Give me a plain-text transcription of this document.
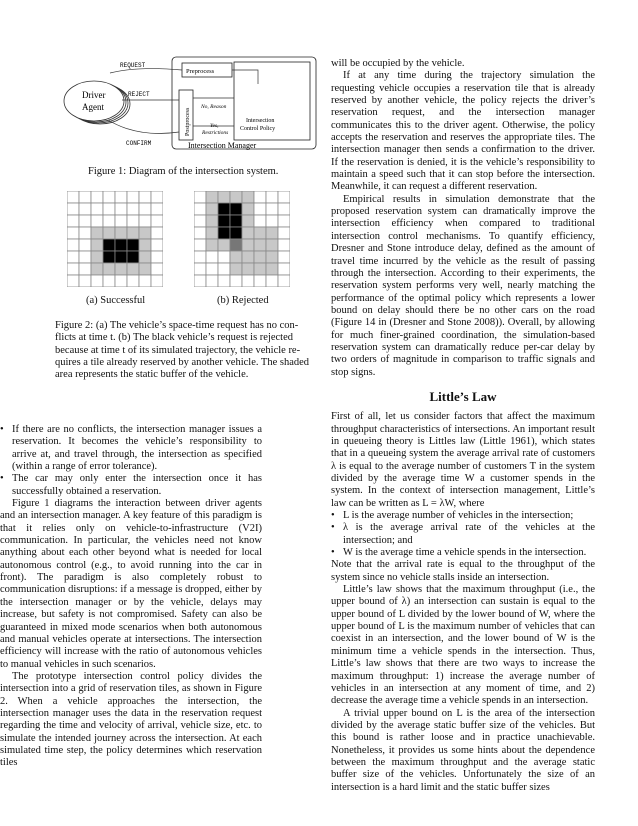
REQUEST
REJECT
CONFIRM
Preprocess
Postprocess
Driver
Agent	No, Reason
Yes,
Restrictions
Intersection
Control Policy
Intersection Manager
Figure 1: Diagram of the intersection system.
(a) Successful	(b) Rejected
Figure 2: (a) The vehicle’s space-time request has no con-
flicts at time t. (b) The black vehicle’s request is rejected
because at time t of its simulated trajectory, the vehicle re-
quires a tile already reserved by another vehicle. The shaded
area represents the static buffer of the vehicle.
• If there are no conflicts, the intersection manager issues a reservation. It becomes the vehicle’s responsibility to arrive at, and travel through, the intersection as specified (within a range of error tolerance).
• The car may only enter the intersection once it has successfully obtained a reservation.

Figure 1 diagrams the interaction between driver agents and an intersection manager. A key feature of this paradigm is that it relies only on vehicle-to-infrastructure (V2I) communication. In particular, the vehicles need not know anything about each other beyond what is needed for local autonomous control (e.g., to avoid running into the car in front). The paradigm is also completely robust to communication disruptions: if a message is dropped, either by the intersection manager or by the vehicle, delays may increase, but safety is not compromised. Safety can also be guaranteed in mixed mode scenarios when both autonomous and manual vehicles operate at intersections. The intersection efficiency will increase with the ratio of autonomous vehicles to manual vehicles in such scenarios.

The prototype intersection control policy divides the intersection into a grid of reservation tiles, as shown in Figure 2. When a vehicle approaches the intersection, the intersection manager uses the data in the reservation request regarding the time and velocity of arrival, vehicle size, etc. to simulate the intended journey across the intersection. At each simulated time step, the policy determines which reservation tiles

will be occupied by the vehicle.

If at any time during the trajectory simulation the requesting vehicle occupies a reservation tile that is already reserved by another vehicle, the policy rejects the driver’s reservation request, and the intersection manager communicates this to the driver agent. Otherwise, the policy accepts the reservation and reserves the appropriate tiles. The intersection manager then sends a confirmation to the driver. If the reservation is denied, it is the vehicle’s responsibility to maintain a speed such that it can stop before the intersection. Meanwhile, it can request a different reservation.

Empirical results in simulation demonstrate that the proposed reservation system can dramatically improve the intersection efficiency when compared to traditional intersection control mechanisms. To quantify efficiency, Dresner and Stone introduce delay, defined as the amount of travel time incurred by the vehicle as the result of passing through the intersection. According to their experiments, the reservation system performs very well, nearly matching the performance of the optimal policy which represents a lower bound on delay should there be no other cars on the road (Figure 14 in (Dresner and Stone 2008)). Overall, by allowing for much finer-grained coordination, the simulation-based reservation system can dramatically reduce per-car delay by two orders of magnitude in comparison to traffic signals and stop signs.

Little’s Law

First of all, let us consider factors that affect the maximum throughput characteristics of intersections. An important result in queueing theory is Littles law (Little 1961), which states that in a queueing system the average arrival rate of customers λ is equal to the average number of customers T in the system divided by the average time W a customer spends in the system. In the context of intersection management, Little’s law can be written as L = λW, where

• L is the average number of vehicles in the intersection;
• λ is the average arrival rate of the vehicles at the intersection; and
• W is the average time a vehicle spends in the intersection.

Note that the arrival rate is equal to the throughput of the system since no vehicle stalls inside an intersection.

Little’s law shows that the maximum throughput (i.e., the upper bound of λ) an intersection can sustain is equal to the upper bound of L divided by the lower bound of W, where the upper bound of L is the maximum number of vehicles that can coexist in an intersection, and the lower bound of W is the minimum time a vehicle spends in the intersection. Thus, Little’s law shows that there are two ways to increase the maximum throughput: 1) increase the average number of vehicles in an intersection at any moment of time, and 2) decrease the average time a vehicle spends in an intersection.

A trivial upper bound on L is the area of the intersection divided by the average static buffer size of the vehicles. But this bound is rather loose and in practice unachievable. Nonetheless, it provides us some hints about the dependence between the maximum throughput and the average static buffer size of the vehicles. Unfortunately the size of an intersection is a hard limit and the static buffer sizes
